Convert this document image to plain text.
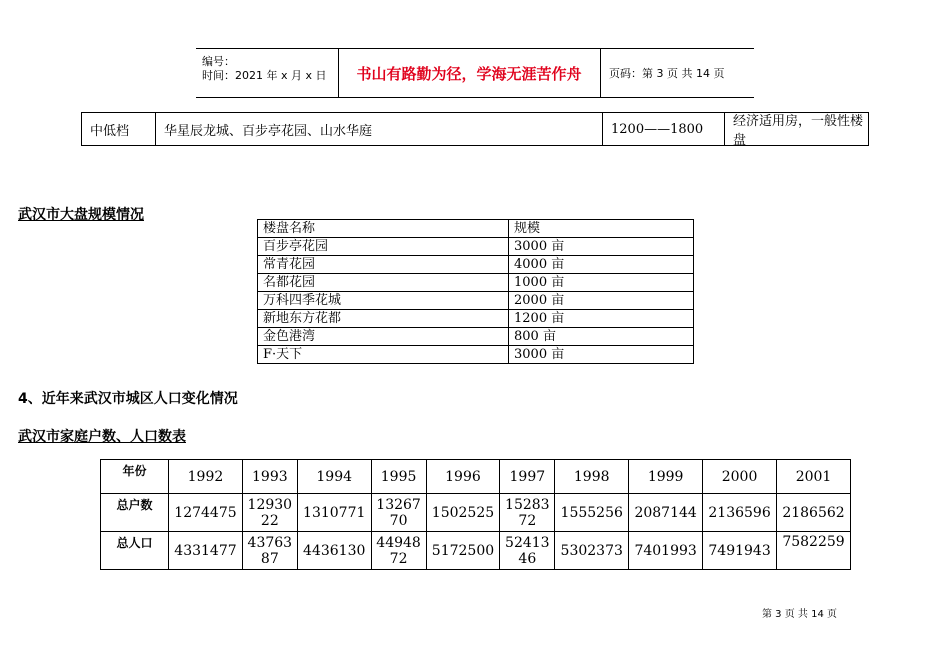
编号：
时间：2021 年 x 月 x 日	书山有路勤为径，学海无涯苦作舟	页码：第 3 页 共 14 页
中低档	华星辰龙城、百步亭花园、山水华庭	1200——1800	经济适用房，一般性楼盘
武汉市大盘规模情况
楼盘名称	规模
百步亭花园	3000 亩
常青花园	4000 亩
名都花园	1000 亩
万科四季花城	2000 亩
新地东方花都	1200 亩
金色港湾	800 亩
F·天下	3000 亩
4、近年来武汉市城区人口变化情况
武汉市家庭户数、人口数表
年份	1992	1993	1994	1995	1996	1997	1998	1999	2000	2001
总户数	1274475	1293022	1310771	1326770	1502525	1528372	1555256	2087144	2136596	2186562
总人口	4331477	4376387	4436130	4494872	5172500	5241346	5302373	7401993	7491943	7582259
第 3 页 共 14 页
